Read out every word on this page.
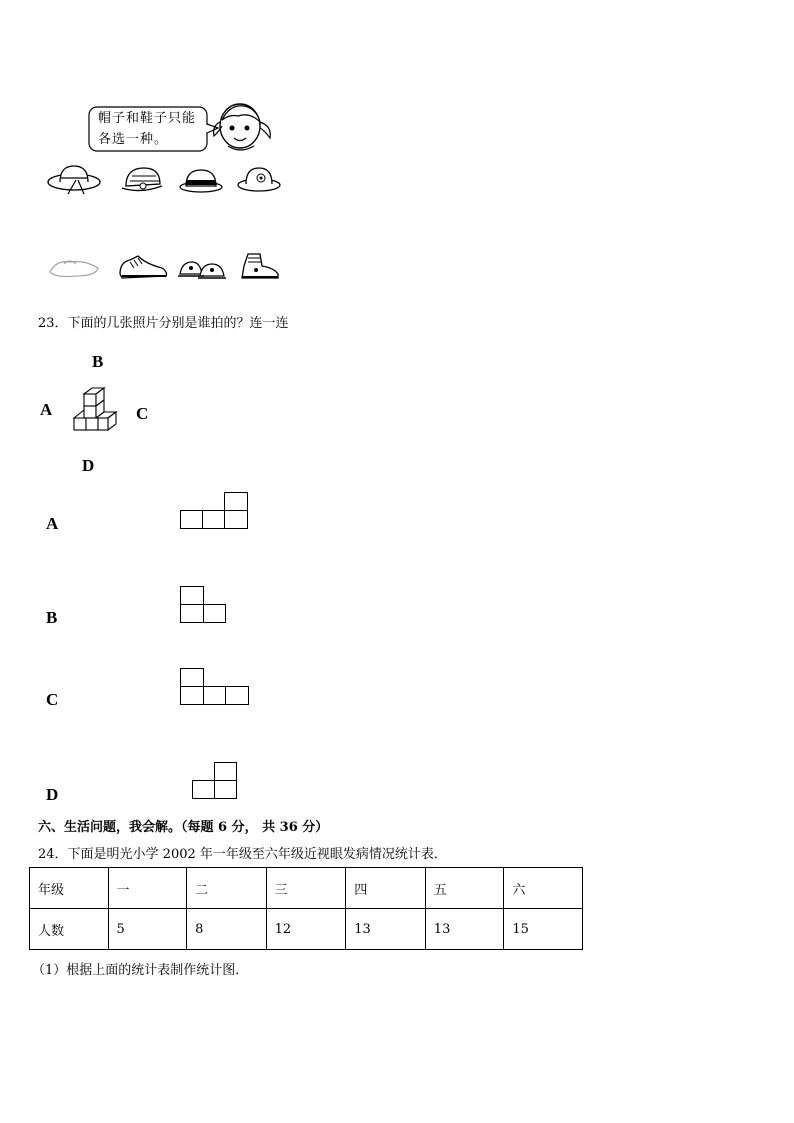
帽子和鞋子只能
各选一种。
23．下面的几张照片分别是谁拍的？连一连
B
A	C
D
A
B
C
D
六、生活问题，我会解。（每题 6 分， 共 36 分）
24．下面是明光小学 2002 年一年级至六年级近视眼发病情况统计表．
年级	一	二	三	四	五	六
人数	5	8	12	13	13	15
（1）根据上面的统计表制作统计图．
